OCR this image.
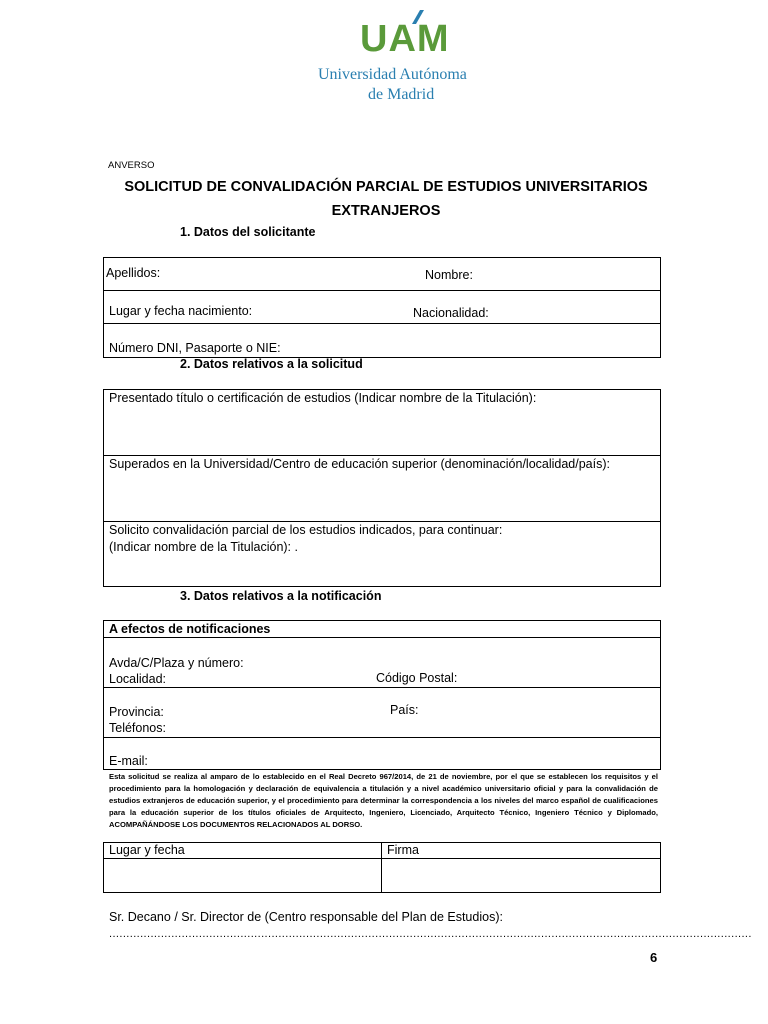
UAM
Universidad Autónoma
de Madrid
ANVERSO
SOLICITUD DE CONVALIDACIÓN PARCIAL DE ESTUDIOS UNIVERSITARIOS
EXTRANJEROS
1. Datos del solicitante
Apellidos:	Nombre:
Lugar y fecha nacimiento:	Nacionalidad:
Número DNI, Pasaporte o NIE:
2. Datos relativos a la solicitud
Presentado título o certificación de estudios (Indicar nombre de la Titulación):
Superados en la Universidad/Centro de educación superior (denominación/localidad/país):
Solicito convalidación parcial de los estudios indicados, para continuar:
(Indicar nombre de la Titulación): .
3. Datos relativos a la notificación
A efectos de notificaciones
Avda/C/Plaza y número:
Localidad:	Código Postal:
Provincia:	País:
Teléfonos:
E-mail:
Esta solicitud se realiza al amparo de lo establecido en el Real Decreto 967/2014, de 21 de noviembre, por el que se establecen los requisitos y el procedimiento para la homologación y declaración de equivalencia a titulación y a nivel académico universitario oficial y para la convalidación de estudios extranjeros de educación superior, y el procedimiento para determinar la correspondencia a los niveles del marco español de cualificaciones para la educación superior de los títulos oficiales de Arquitecto, Ingeniero, Licenciado, Arquitecto Técnico, Ingeniero Técnico y Diplomado, ACOMPAÑÁNDOSE LOS DOCUMENTOS RELACIONADOS AL DORSO.
Lugar y fecha	Firma
Sr. Decano / Sr. Director de (Centro responsable del Plan de Estudios):
..........................................................................................................................................................................................
6
